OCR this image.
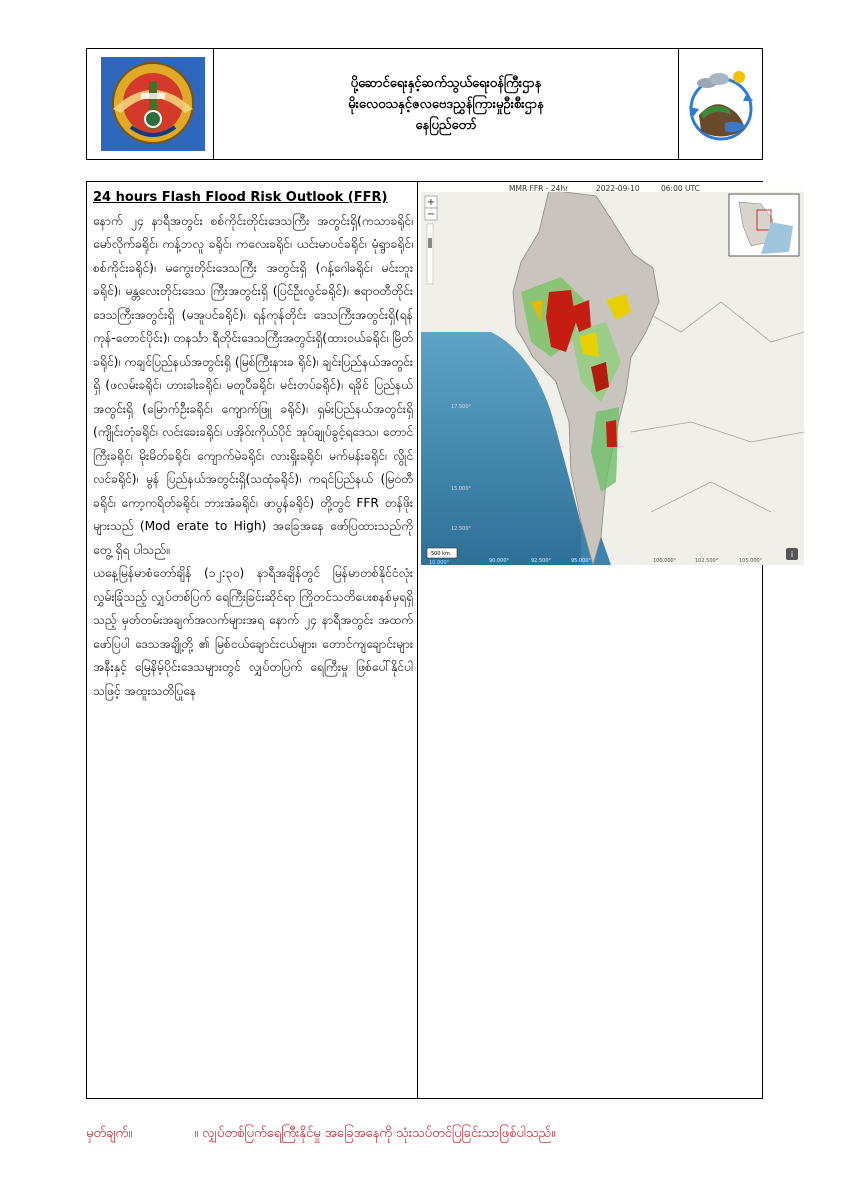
ပို့ဆောင်ရေးနှင့်ဆက်သွယ်ရေးဝန်ကြီးဌာန
မိုးလေဝသနှင့်ဇလဗေဒညွှန်ကြားမှုဦးစီးဌာန
နေပြည်တော်
24 hours Flash Flood Risk Outlook (FFR)

နောက် ၂၄ နာရီအတွင်း စစ်ကိုင်းတိုင်းဒေသကြီး အတွင်းရှိ(ကသာခရိုင်၊ မော်လိုက်ခရိုင်၊ ကန့်ဘလူ ခရိုင်၊ ကလေးခရိုင်၊ ယင်းမာပင်ခရိုင်၊ မုံရွာခရိုင်၊ စစ်ကိုင်းခရိုင်)၊ မကွေးတိုင်းဒေသကြီး အတွင်းရှိ (ဂန့်ဂေါခရိုင်၊ မင်းဘူးခရိုင်)၊ မန္တလေးတိုင်းဒေသ ကြီးအတွင်းရှိ (ပြင်ဦးလွင်ခရိုင်)၊ ဧရာဝတီတိုင်း ဒေသကြီးအတွင်းရှိ (မအူပင်ခရိုင်)၊ ရန်ကုန်တိုင်း ဒေသကြီးအတွင်းရှိ(ရန်ကုန်-တောင်ပိုင်း)၊ တနင်္သာ ရီတိုင်းဒေသကြီးအတွင်းရှိ(ထားဝယ်ခရိုင်၊ မြိတ် ခရိုင်)၊ ကချင်ပြည်နယ်အတွင်းရှိ (မြစ်ကြီးနားခ ရိုင်)၊ ချင်းပြည်နယ်အတွင်းရှိ (ဖလမ်းခရိုင်၊ ဟားခါးခရိုင်၊ မတူပီခရိုင်၊ မင်းတပ်ခရိုင်)၊ ရခိုင် ပြည်နယ်အတွင်းရှိ (မြောက်ဦးခရိုင်၊ ကျောက်ဖြူ ခရိုင်)၊ ရှမ်းပြည်နယ်အတွင်းရှိ (ကျိုင်းတုံခရိုင်၊ လင်းခေးခရိုင်၊ ပအိုဝ်းကိုယ်ပိုင် အုပ်ချုပ်ခွင့်ရဒေသ၊ တောင်ကြီးခရိုင်၊ မိုးမိတ်ခရိုင်၊ ကျောက်မဲခရိုင်၊ လားရှိုးခရိုင်၊ မက်မန်းခရိုင်၊ လွိုင်လင်ခရိုင်)၊ မွန် ပြည်နယ်အတွင်းရှိ(သထုံခရိုင်)၊ ကရင်ပြည်နယ် (မြဝတီခရိုင်၊ ကော့ကရိတ်ခရိုင်၊ ဘားအံခရိုင်၊ ဖာပွန်ခရိုင်) တို့တွင် FFR တန်ဖိုးများသည် (Mod erate to High) အခြေအနေ ဖော်ပြထားသည်ကို တွေ့ ရှိရ ပါသည်။

ယနေ့မြန်မာစံတော်ချိန် (၁၂:၃၀) နာရီအချိန်တွင် မြန်မာတစ်နိုင်ငံလုံးလွှမ်းခြုံသည့် လျှပ်တစ်ပြက် ရေကြီးခြင်းဆိုင်ရာ ကြိုတင်သတိပေးစနစ်မှရရှိ သည့် မှတ်တမ်းအချက်အလက်များအရ နောက် ၂၄ နာရီအတွင်း အထက်ဖော်ပြပါ ဒေသအချို့တို့ ၏ မြစ်ငယ်ချောင်းငယ်များ၊ တောင်ကျချောင်းများ အနီးနှင့် မြေနိမ့်ပိုင်းဒေသများတွင် လျှပ်တပြက် ရေကြီးမှု ဖြစ်ပေါ်နိုင်ပါသဖြင့် အထူးသတိပြုနေ

MMR FFR - 24hr	2022-09-10	06:00 UTC
+
−
17.500°
15.000°
12.500°
10.000°	90.000°	92.500°	95.000°	97.500°	100.000°	102.500°	105.000°
500 km	i
မှတ်ချက်။	။ လျှပ်တစ်ပြက်ရေကြီးနိုင်မှု အခြေအနေကို သုံးသပ်တင်ပြခြင်းသာဖြစ်ပါသည်။
